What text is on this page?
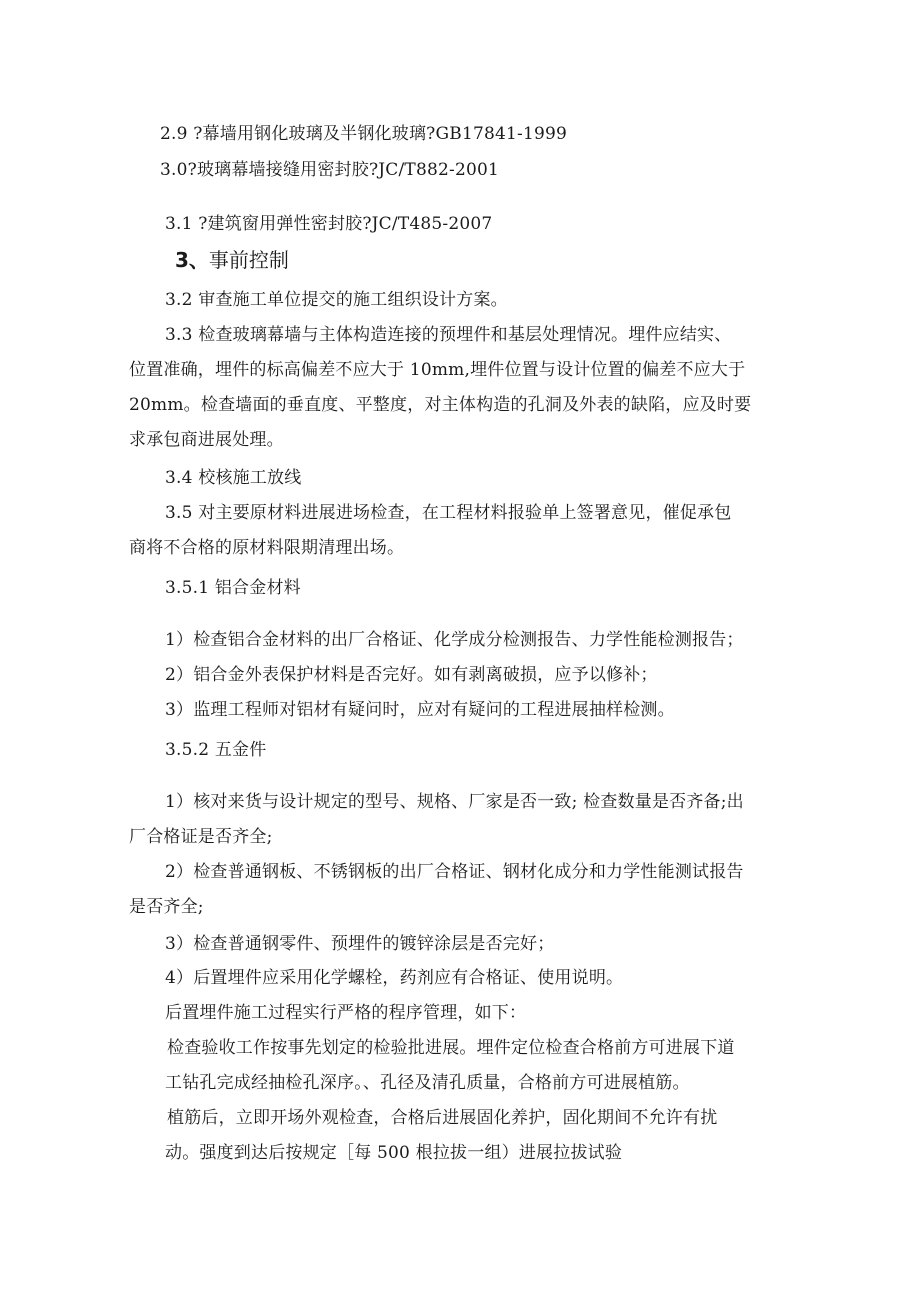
2.9 ?幕墙用钢化玻璃及半钢化玻璃?GB17841-1999
3.0?玻璃幕墙接缝用密封胶?JC/T882-2001
3.1 ?建筑窗用弹性密封胶?JC/T485-2007
3、事前控制
3.2 审查施工单位提交的施工组织设计方案。
3.3 检查玻璃幕墙与主体构造连接的预埋件和基层处理情况。埋件应结实、
位置准确，埋件的标高偏差不应大于 10mm,埋件位置与设计位置的偏差不应大于
20mm。检查墙面的垂直度、平整度，对主体构造的孔洞及外表的缺陷，应及时要
求承包商进展处理。
3.4 校核施工放线
3.5 对主要原材料进展进场检查，在工程材料报验单上签署意见，催促承包
商将不合格的原材料限期清理出场。
3.5.1 铝合金材料
1）检查铝合金材料的出厂合格证、化学成分检测报告、力学性能检测报告；
2）铝合金外表保护材料是否完好。如有剥离破损，应予以修补；
3）监理工程师对铝材有疑问时，应对有疑问的工程进展抽样检测。
3.5.2 五金件
1）核对来货与设计规定的型号、规格、厂家是否一致; 检查数量是否齐备;出
厂合格证是否齐全;
2）检查普通钢板、不锈钢板的出厂合格证、钢材化成分和力学性能测试报告
是否齐全;
3）检查普通钢零件、预埋件的镀锌涂层是否完好；
4）后置埋件应采用化学螺栓，药剂应有合格证、使用说明。
后置埋件施工过程实行严格的程序管理，如下：
检查验收工作按事先划定的检验批进展。埋件定位检查合格前方可进展下道
工钻孔完成经抽检孔深序。、孔径及清孔质量，合格前方可进展植筋。
植筋后，立即开场外观检查，合格后进展固化养护，固化期间不允许有扰
动。强度到达后按规定［每 500 根拉拔一组）进展拉拔试验
